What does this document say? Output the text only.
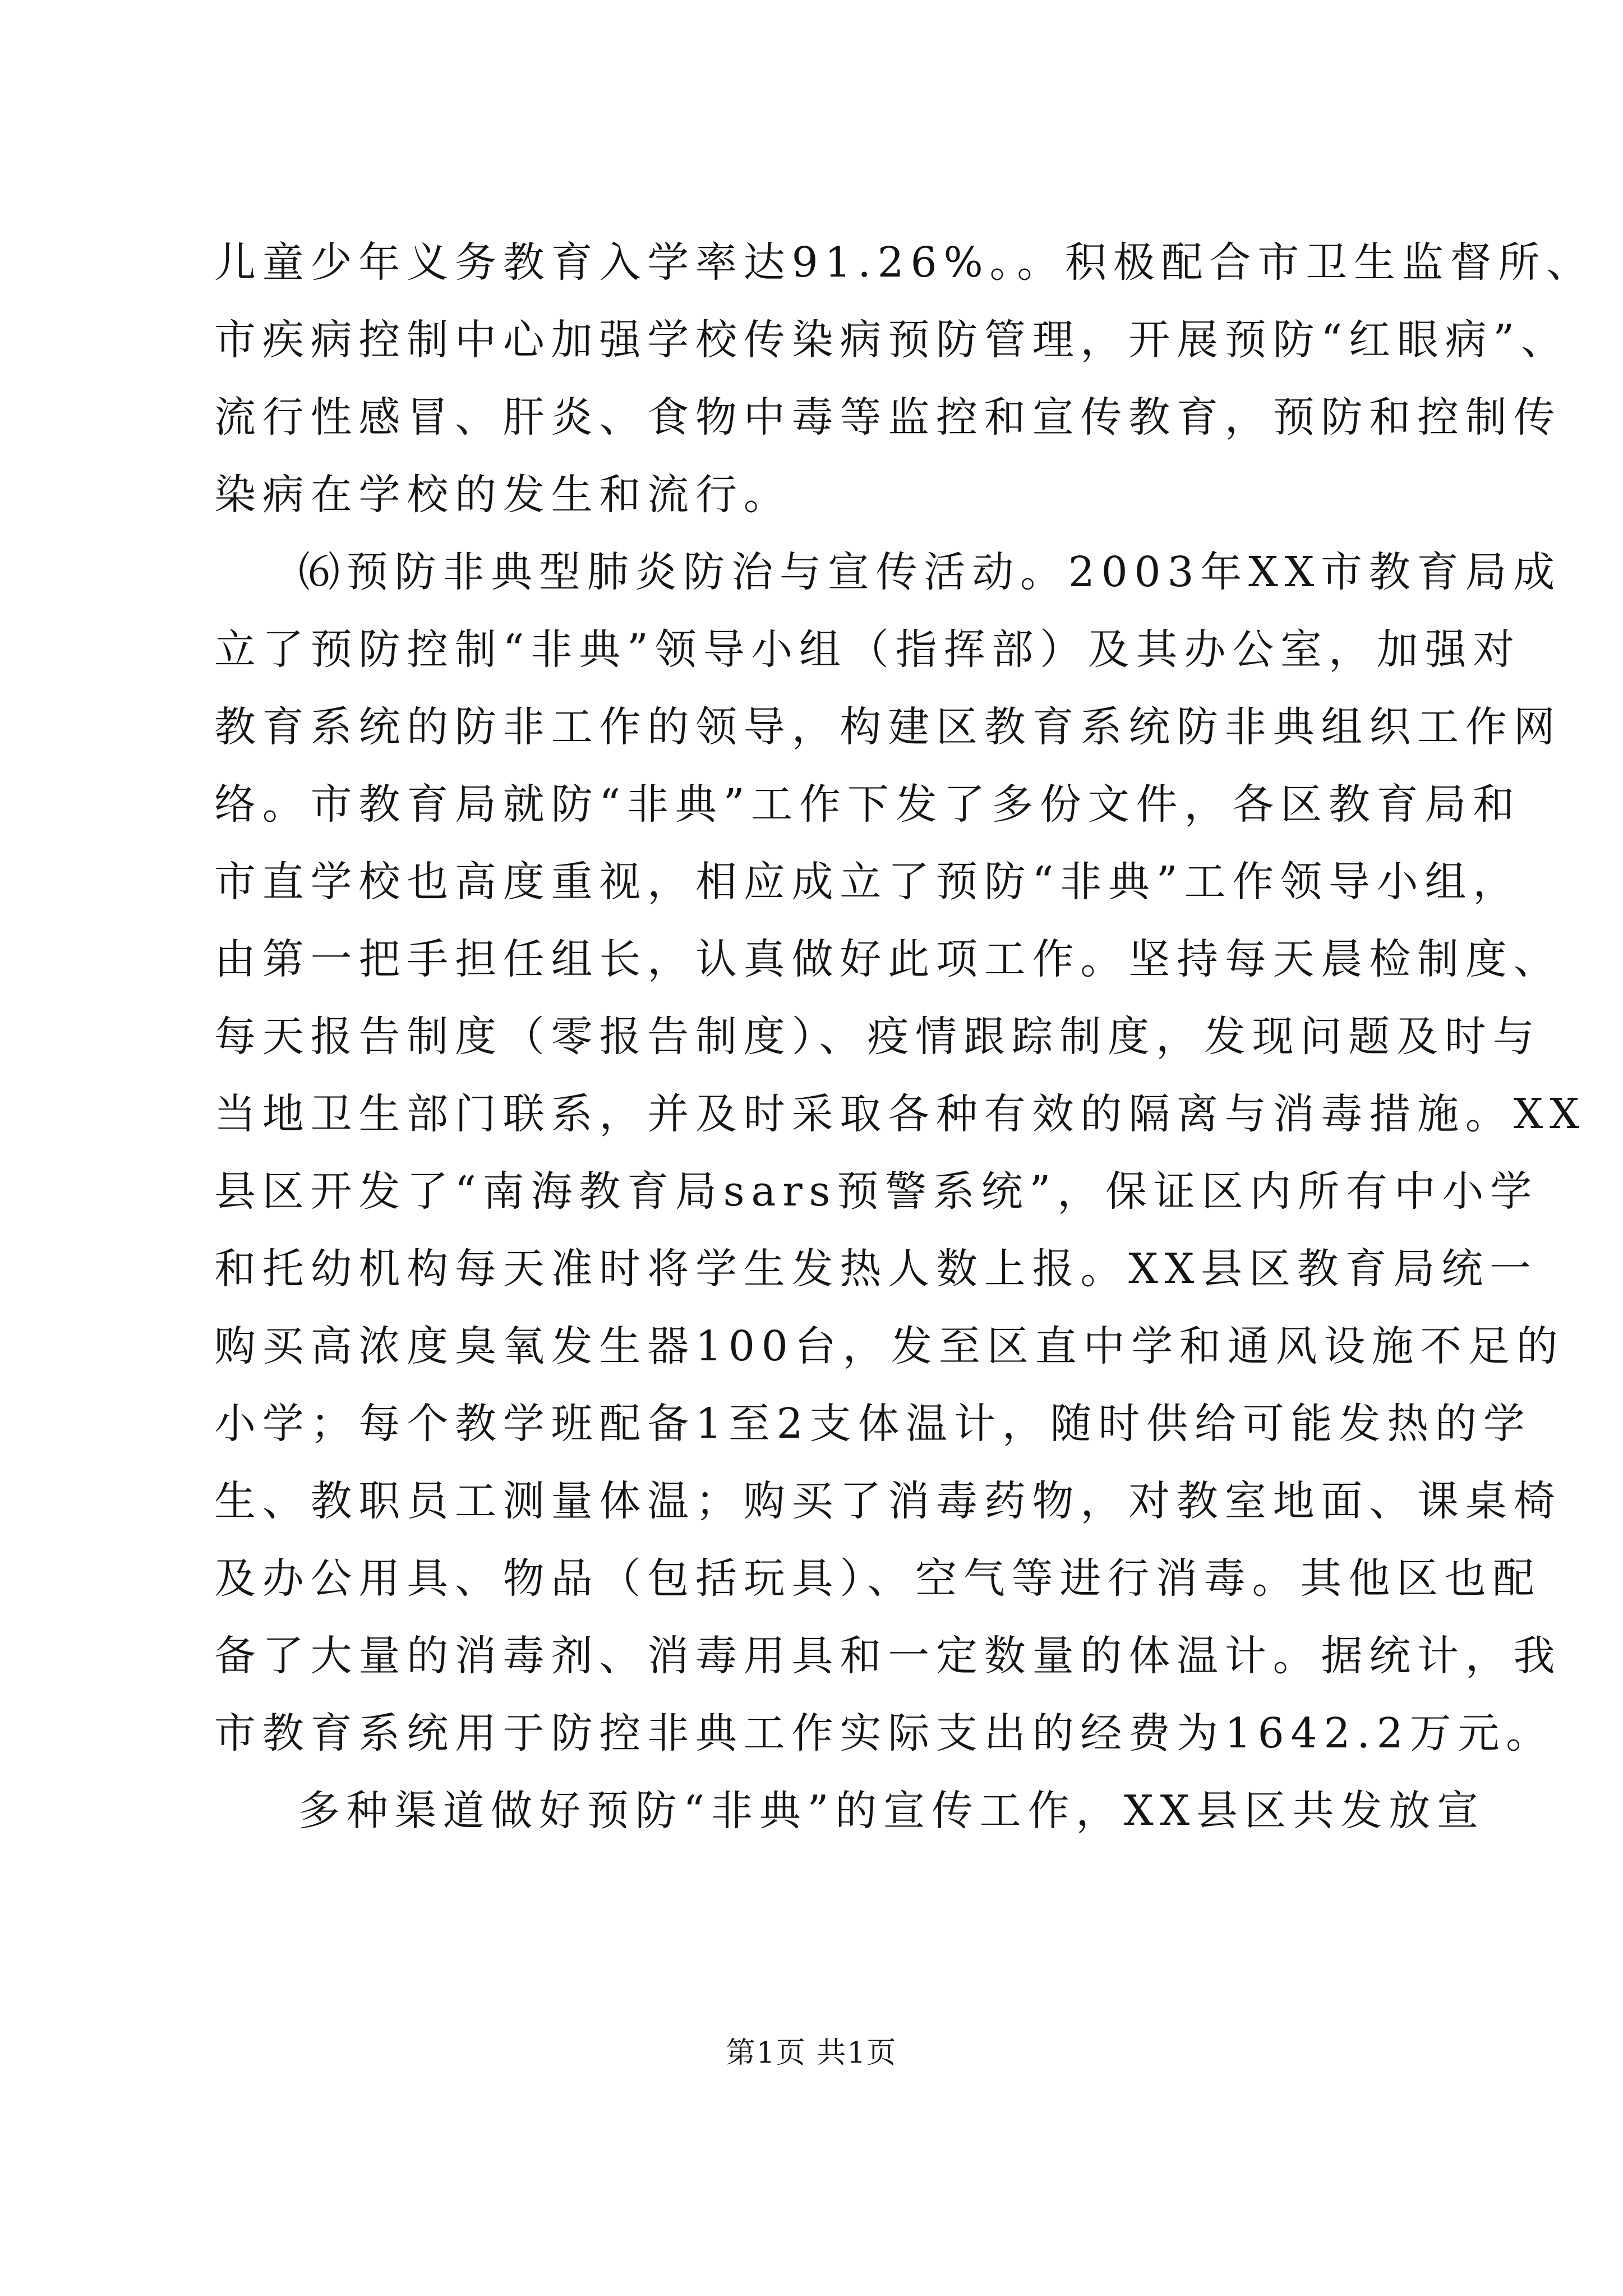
儿童少年义务教育入学率达91.26%。。积极配合市卫生监督所、
市疾病控制中心加强学校传染病预防管理，开展预防“红眼病”、
流行性感冒、肝炎、食物中毒等监控和宣传教育，预防和控制传
染病在学校的发生和流行。
⑹预防非典型肺炎防治与宣传活动。2003年XX市教育局成
立了预防控制“非典”领导小组（指挥部）及其办公室，加强对
教育系统的防非工作的领导，构建区教育系统防非典组织工作网
络。市教育局就防“非典”工作下发了多份文件，各区教育局和
市直学校也高度重视，相应成立了预防“非典”工作领导小组，
由第一把手担任组长，认真做好此项工作。坚持每天晨检制度、
每天报告制度（零报告制度）、疫情跟踪制度，发现问题及时与
当地卫生部门联系，并及时采取各种有效的隔离与消毒措施。XX
县区开发了“南海教育局sars预警系统”，保证区内所有中小学
和托幼机构每天准时将学生发热人数上报。XX县区教育局统一
购买高浓度臭氧发生器100台，发至区直中学和通风设施不足的
小学；每个教学班配备1至2支体温计，随时供给可能发热的学
生、教职员工测量体温；购买了消毒药物，对教室地面、课桌椅
及办公用具、物品（包括玩具）、空气等进行消毒。其他区也配
备了大量的消毒剂、消毒用具和一定数量的体温计。据统计，我
市教育系统用于防控非典工作实际支出的经费为1642.2万元。
多种渠道做好预防“非典”的宣传工作，XX县区共发放宣
第1页 共1页
